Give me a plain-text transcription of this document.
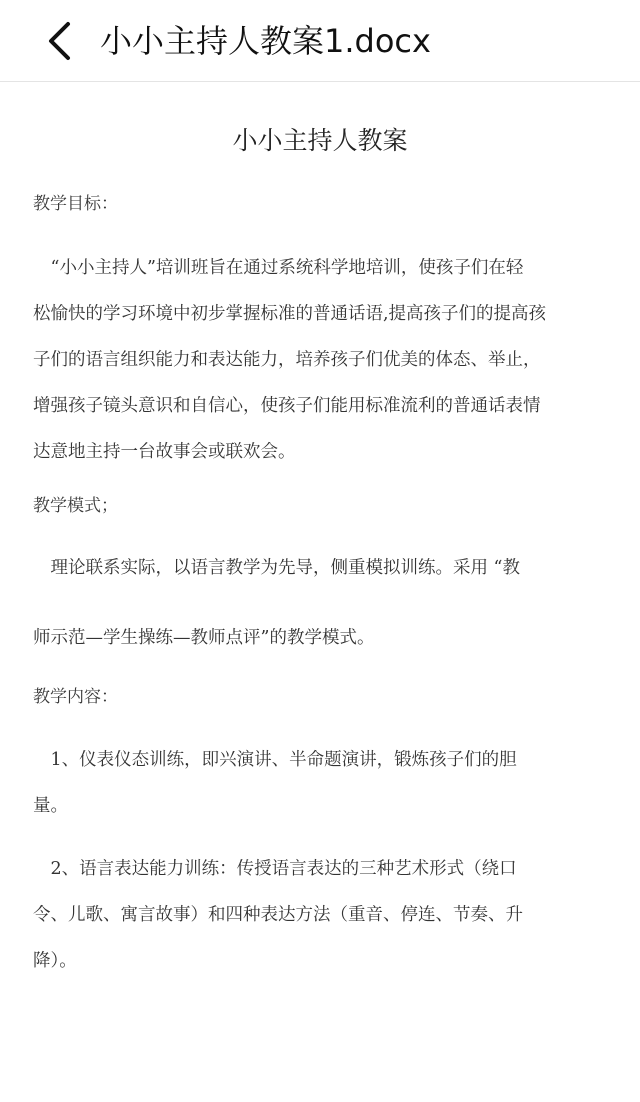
小小主持人教案1.docx
小小主持人教案
教学目标：
　“小小主持人”培训班旨在通过系统科学地培训，使孩子们在轻
松愉快的学习环境中初步掌握标准的普通话语,提高孩子们的提高孩
子们的语言组织能力和表达能力，培养孩子们优美的体态、举止，
增强孩子镜头意识和自信心，使孩子们能用标准流利的普通话表情
达意地主持一台故事会或联欢会。
教学模式；
　理论联系实际，以语言教学为先导，侧重模拟训练。采用 “教
师示范—学生操练—教师点评”的教学模式。
教学内容：
　1、仪表仪态训练，即兴演讲、半命题演讲，锻炼孩子们的胆
量。
　2、语言表达能力训练：传授语言表达的三种艺术形式（绕口
令、儿歌、寓言故事）和四种表达方法（重音、停连、节奏、升
降）。
